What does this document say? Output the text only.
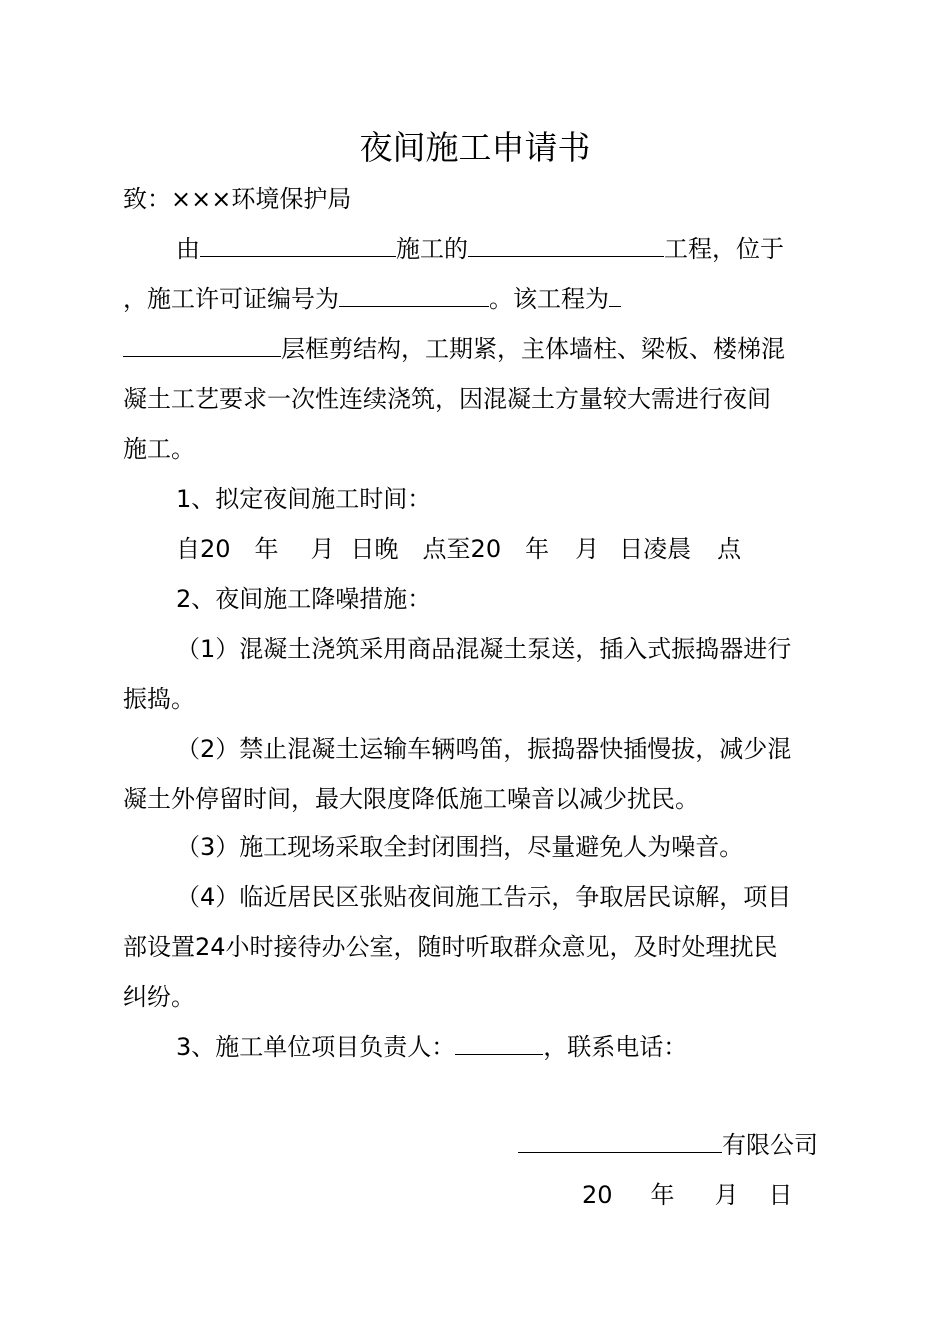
夜间施工申请书
致：×××环境保护局
由	施工的	工程，位于
，施工许可证编号为	。该工程为
层框剪结构，工期紧，主体墙柱、梁板、楼梯混
凝土工艺要求一次性连续浇筑，因混凝土方量较大需进行夜间
施工。
1、拟定夜间施工时间：
自20 年 月 日晚 点至20 年 月 日凌晨 点
2、夜间施工降噪措施：
（1）混凝土浇筑采用商品混凝土泵送，插入式振捣器进行
振捣。
（2）禁止混凝土运输车辆鸣笛，振捣器快插慢拔，减少混
凝土外停留时间，最大限度降低施工噪音以减少扰民。
（3）施工现场采取全封闭围挡，尽量避免人为噪音。
（4）临近居民区张贴夜间施工告示，争取居民谅解，项目
部设置24小时接待办公室，随时听取群众意见，及时处理扰民
纠纷。
3、施工单位项目负责人：	，联系电话：
有限公司
20 年 月 日
